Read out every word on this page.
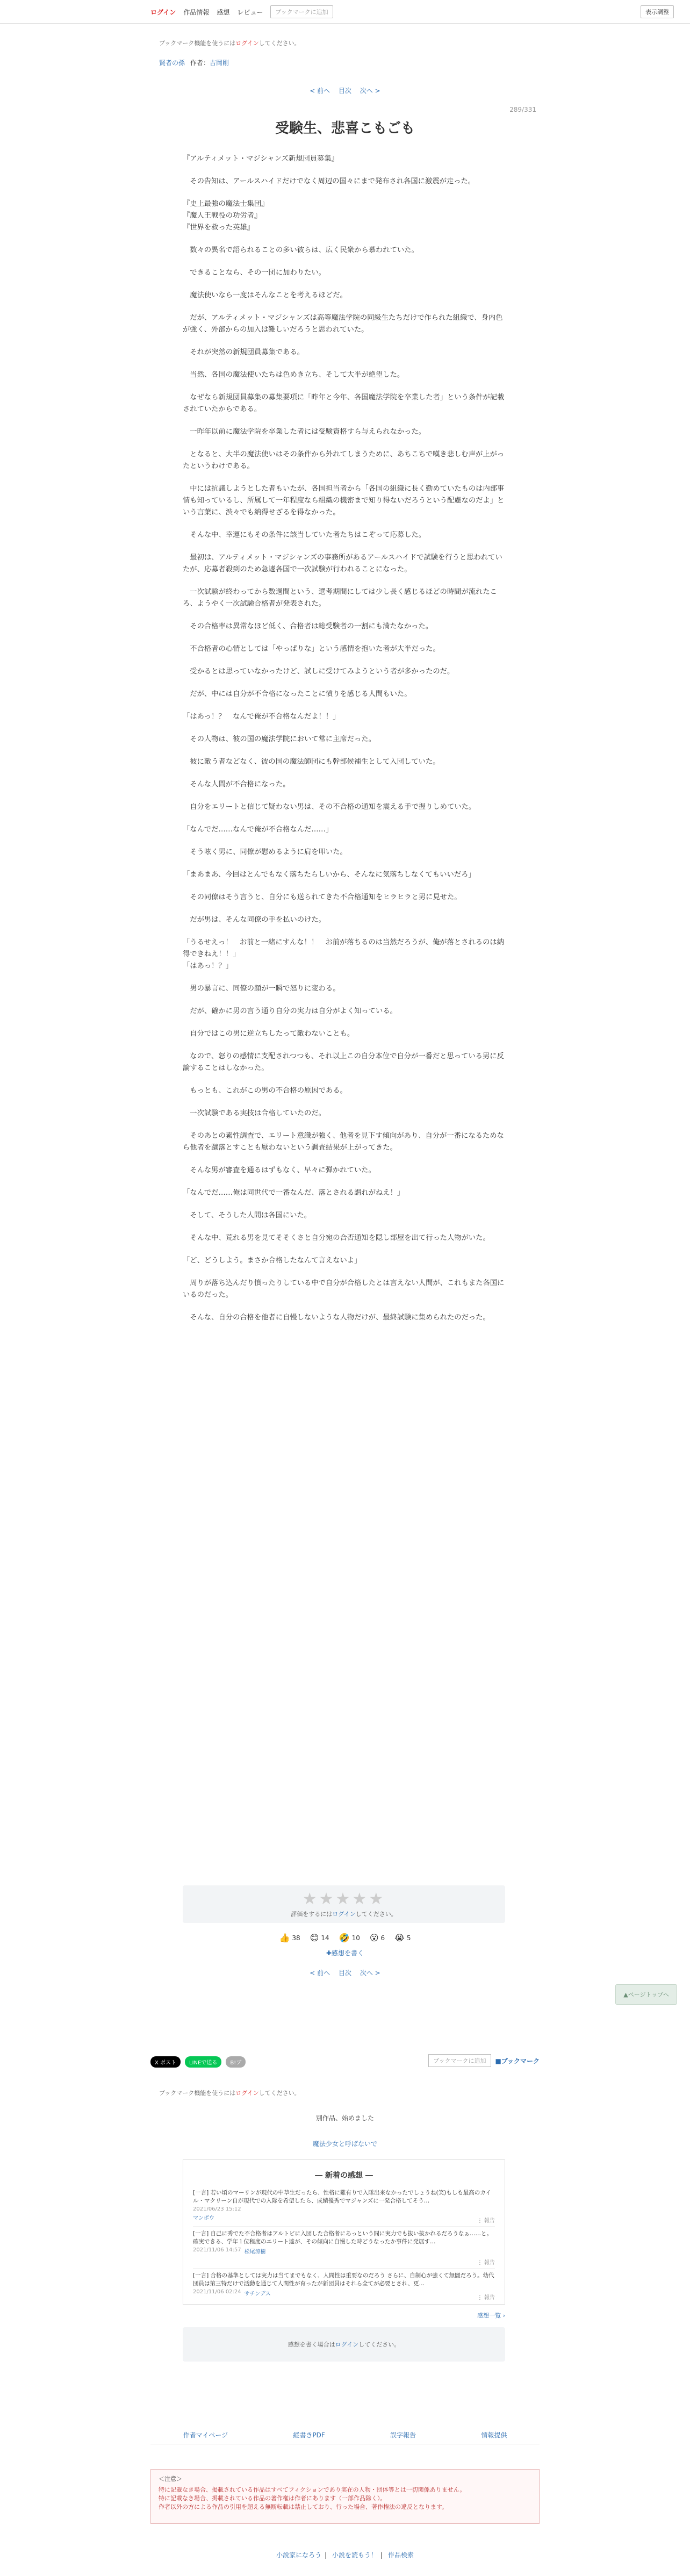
ログイン 作品情報 感想 レビュー	ブックマークに追加	表示調整
ブックマーク機能を使うにはログインしてください。
賢者の孫 作者：吉岡剛
< 前へ 目次 次へ >
289/331
受験生、悲喜こもごも

『アルティメット・マジシャンズ新規団員募集』

　その告知は、アールスハイドだけでなく周辺の国々にまで発布され各国に激震が走った。

『史上最強の魔法士集団』
『魔人王戦役の功労者』
『世界を救った英雄』

　数々の異名で語られることの多い彼らは、広く民衆から慕われていた。

　できることなら、その一団に加わりたい。

　魔法使いなら一度はそんなことを考えるほどだ。

　だが、アルティメット・マジシャンズは高等魔法学院の同級生たちだけで作られた組織で、身内色が強く、外部からの加入は難しいだろうと思われていた。

　それが突然の新規団員募集である。

　当然、各国の魔法使いたちは色めき立ち、そして大半が絶望した。

　なぜなら新規団員募集の募集要項に「昨年と今年、各国魔法学院を卒業した者」という条件が記載されていたからである。

　一昨年以前に魔法学院を卒業した者には受験資格すら与えられなかった。

　となると、大半の魔法使いはその条件から外れてしまうために、あちこちで嘆き悲しむ声が上がったというわけである。

　中には抗議しようとした者もいたが、各国担当者から「各国の組織に長く勤めていたものは内部事情も知っているし、所属して一年程度なら組織の機密まで知り得ないだろうという配慮なのだよ」という言葉に、渋々でも納得せざるを得なかった。

　そんな中、幸運にもその条件に該当していた者たちはこぞって応募した。

　最初は、アルティメット・マジシャンズの事務所があるアールスハイドで試験を行うと思われていたが、応募者殺到のため急遽各国で一次試験が行われることになった。

　一次試験が終わってから数週間という、選考期間にしては少し長く感じるほどの時間が流れたころ、ようやく一次試験合格者が発表された。

　その合格率は異常なほど低く、合格者は総受験者の一割にも満たなかった。

　不合格者の心情としては「やっぱりな」という感情を抱いた者が大半だった。

　受かるとは思っていなかったけど、試しに受けてみようという者が多かったのだ。

　だが、中には自分が不合格になったことに憤りを感じる人間もいた。

「はあっ！？　なんで俺が不合格なんだよ！！」

　その人物は、彼の国の魔法学院において常に主席だった。

　彼に敵う者などなく、彼の国の魔法師団にも幹部候補生として入団していた。

　そんな人間が不合格になった。

　自分をエリートと信じて疑わない男は、その不合格の通知を震える手で握りしめていた。

「なんでだ……なんで俺が不合格なんだ……」

　そう呟く男に、同僚が慰めるように肩を叩いた。

「まあまあ、今回はとんでもなく落ちたらしいから、そんなに気落ちしなくてもいいだろ」

　その同僚はそう言うと、自分にも送られてきた不合格通知をヒラヒラと男に見せた。

　だが男は、そんな同僚の手を払いのけた。

「うるせえっ！　お前と一緒にすんな！！　お前が落ちるのは当然だろうが、俺が落とされるのは納得できねえ！！」
「はあっ！？」

　男の暴言に、同僚の顔が一瞬で怒りに変わる。

　だが、確かに男の言う通り自分の実力は自分がよく知っている。

　自分ではこの男に逆立ちしたって敵わないことも。

　なので、怒りの感情に支配されつつも、それ以上この自分本位で自分が一番だと思っている男に反論することはしなかった。

　もっとも、これがこの男の不合格の原因である。

　一次試験である実技は合格していたのだ。

　そのあとの素性調査で、エリート意識が強く、他者を見下す傾向があり、自分が一番になるためなら他者を蹴落とすことも厭わないという調査結果が上がってきた。

　そんな男が審査を通るはずもなく、早々に弾かれていた。

「なんでだ……俺は同世代で一番なんだ、落とされる謂れがねえ！」

　そして、そうした人間は各国にいた。

　そんな中、荒れる男を見てそそくさと自分宛の合否通知を隠し部屋を出て行った人物がいた。

「ど、どうしよう。まさか合格したなんて言えないよ」

　周りが落ち込んだり憤ったりしている中で自分が合格したとは言えない人間が、これもまた各国にいるのだった。

　そんな、自分の合格を他者に自慢しないような人物だけが、最終試験に集められたのだった。

★★★★★
評価をするにはログインしてください。
👍 38 😊 14 🤣 10 😮 6 😭 5
✚感想を書く
< 前へ 目次 次へ >
▲ページトップへ
X ポスト	LINEで送る	B!ブ	ブックマークに追加	■ブックマーク
ブックマーク機能を使うにはログインしてください。
別作品、始めました
魔法少女と呼ばないで
― 新着の感想 ―
[一言] 若い頃のマーリンが現代の中草生だったら、性格に難有りで入隊出来なかったでしょうね(笑)もしも最高のカイル・マクリーン自が現代での入隊を希望したら、成績優秀でマジャンズに一発合格してそう…
2021/06/23 15:12
マンボウ	⋮ 報告
[一言] 自己に秀でた不合格者はアルトビに入団した合格者にあっという間に実力でも抜い抜かれるだろうなぁ……と。確実できる、学年１位程度のエリート達が、その傾向に自慢した時どうなったか事件に発展す…
2021/11/06 14:57 松尾涼樹
⋮ 報告
[一言] 合格の基準としては実力は当てまでもなく、人間性は重要なのだろう さらに、自制心が強くて無闇だろう。幼代団員は第三特だけで活動を通じて人間性が育ったが新団員はそれら全てが必要とされ、更…
2021/11/06 02:24 サチンデス
⋮ 報告
感想一覧 ›
感想を書く場合はログインしてください。
作者マイページ	縦書きPDF	誤字報告	情報提供
＜注意＞
特に記載なき場合、掲載されている作品はすべてフィクションであり実在の人物・団体等とは一切関係ありません。
特に記載なき場合、掲載されている作品の著作権は作者にあります（一部作品除く）。
作者以外の方による作品の引用を超える無断転載は禁止しており、行った場合、著作権法の違反となります。
小説家になろう | 小説を読もう！ | 作品検索
